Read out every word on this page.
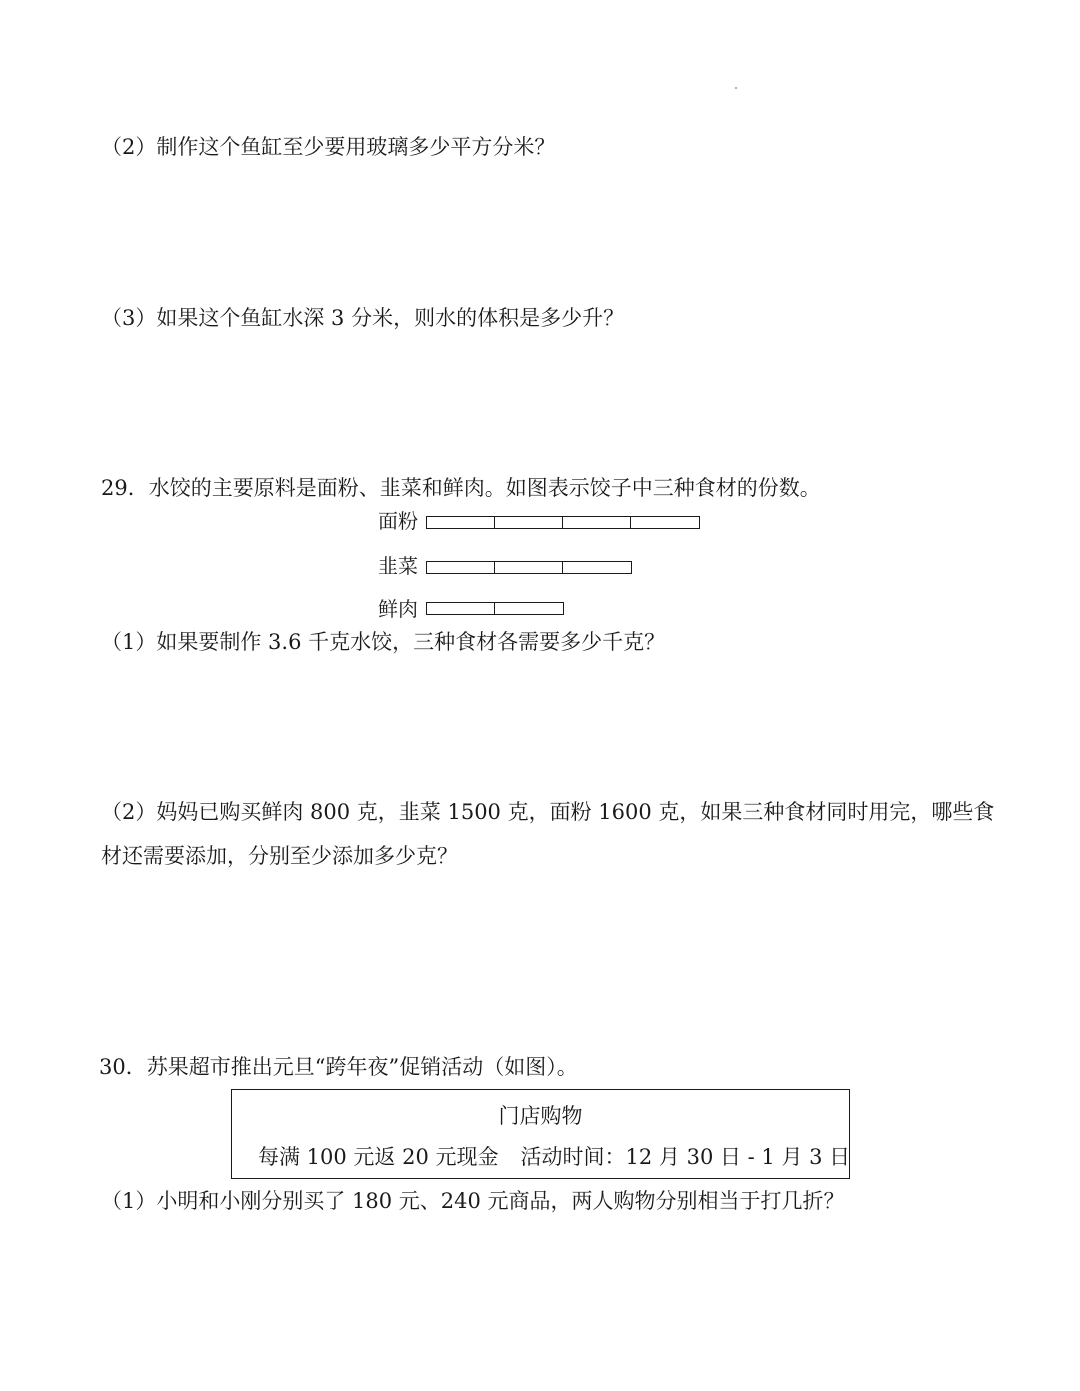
（2）制作这个鱼缸至少要用玻璃多少平方分米？
（3）如果这个鱼缸水深 3 分米，则水的体积是多少升？
29．水饺的主要原料是面粉、韭菜和鲜肉。如图表示饺子中三种食材的份数。
面粉
韭菜
鲜肉
（1）如果要制作 3.6 千克水饺，三种食材各需要多少千克？
（2）妈妈已购买鲜肉 800 克，韭菜 1500 克，面粉 1600 克，如果三种食材同时用完，哪些食
材还需要添加，分别至少添加多少克？
30．苏果超市推出元旦“跨年夜”促销活动（如图）。
门店购物
每满 100 元返 20 元现金 活动时间：12 月 30 日 - 1 月 3 日
（1）小明和小刚分别买了 180 元、240 元商品，两人购物分别相当于打几折？
